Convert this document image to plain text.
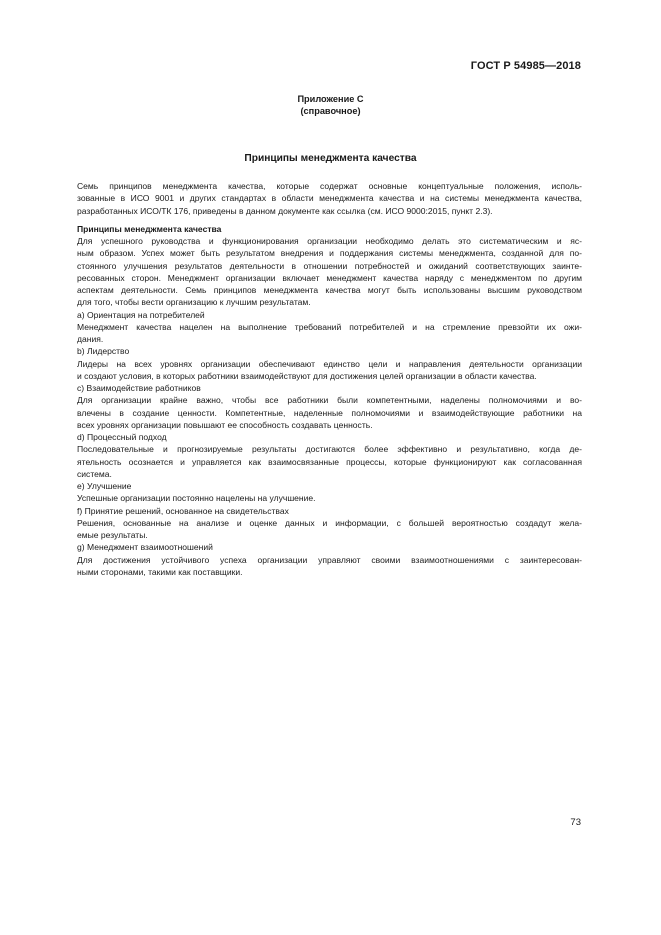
ГОСТ Р 54985—2018
Приложение С
(справочное)
Принципы менеджмента качества

Семь принципов менеджмента качества, которые содержат основные концептуальные положения, исполь-
зованные в ИСО 9001 и других стандартах в области менеджмента качества и на системы менеджмента качества,
разработанных ИСО/ТК 176, приведены в данном документе как ссылка (см. ИСО 9000:2015, пункт 2.3).

Принципы менеджмента качества

Для успешного руководства и функционирования организации необходимо делать это систематическим и яс-
ным образом. Успех может быть результатом внедрения и поддержания системы менеджмента, созданной для по-
стоянного улучшения результатов деятельности в отношении потребностей и ожиданий соответствующих заинте-
ресованных сторон. Менеджмент организации включает менеджмент качества наряду с менеджментом по другим
аспектам деятельности. Семь принципов менеджмента качества могут быть использованы высшим руководством
для того, чтобы вести организацию к лучшим результатам.

а) Ориентация на потребителей
Менеджмент качества нацелен на выполнение требований потребителей и на стремление превзойти их ожи-
дания.
b) Лидерство
Лидеры на всех уровнях организации обеспечивают единство цели и направления деятельности организации
и создают условия, в которых работники взаимодействуют для достижения целей организации в области качества.
c) Взаимодействие работников
Для организации крайне важно, чтобы все работники были компетентными, наделены полномочиями и во-
влечены в создание ценности. Компетентные, наделенные полномочиями и взаимодействующие работники на
всех уровнях организации повышают ее способность создавать ценность.
d) Процессный подход
Последовательные и прогнозируемые результаты достигаются более эффективно и результативно, когда де-
ятельность осознается и управляется как взаимосвязанные процессы, которые функционируют как согласованная
система.
е) Улучшение
Успешные организации постоянно нацелены на улучшение.
f) Принятие решений, основанное на свидетельствах
Решения, основанные на анализе и оценке данных и информации, с большей вероятностью создадут жела-
емые результаты.
g) Менеджмент взаимоотношений
Для достижения устойчивого успеха организации управляют своими взаимоотношениями с заинтересован-
ными сторонами, такими как поставщики.
73
